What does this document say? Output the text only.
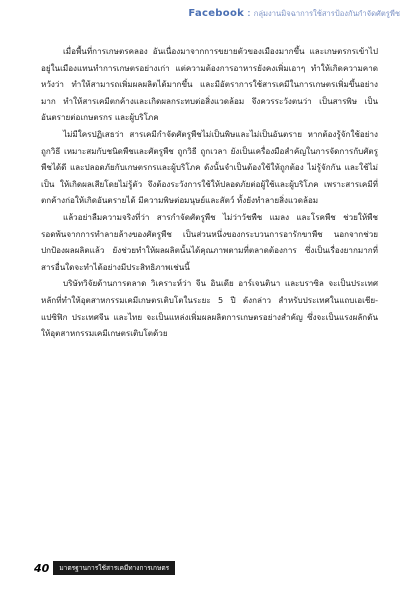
Facebook : กลุ่มงานมิจฉาการใช้สารป้องกันกำจัดศัตรูพืช

เมื่อพื้นที่การเกษตรคลอง อันเนื่องมาจากการขยายตัวของเมืองมากขึ้น และเกษตรกรเข้าไปอยู่ในเมืองแทนทำการเกษตรอย่างเก่า แต่ความต้องการอาหารยังคงเพิ่มเอาๆ ทำให้เกิดความคาดหวังว่า ทำให้สามารถเพิ่มผลผลิตได้มากขึ้น และมีอัตราการใช้สารเคมีในการเกษตรเพิ่มขึ้นอย่างมาก ทำให้สารเคมีตกค้างและเกิดผลกระทบต่อสิ่งแวดล้อม จึงควรระวังตนว่า เป็นสารพิษ เป็นอันตรายต่อเกษตรกร และผู้บริโภค

ไม่มีใครปฏิเสธว่า สารเคมีกำจัดศัตรูพืชไม่เป็นพิษและไม่เป็นอันตราย หากต้องรู้จักใช้อย่างถูกวิธี เหมาะสมกับชนิดพืชและศัตรูพืช ถูกวิธี ถูกเวลา ยังเป็นเครื่องมือสำคัญในการจัดการกับศัตรูพืชได้ดี และปลอดภัยกับเกษตรกรและผู้บริโภค ดังนั้นจำเป็นต้องใช้ให้ถูกต้อง ไม่รู้จักกัน และใช้ไม่เป็น ให้เกิดผลเสียโดยไม่รู้ตัว จึงต้องระวังการใช้ให้ปลอดภัยต่อผู้ใช้และผู้บริโภค เพราะสารเคมีที่ตกค้างก่อให้เกิดอันตรายได้ มีความพิษต่อมนุษย์และสัตว์ ทั้งยังทำลายสิ่งแวดล้อม

แล้วอย่าลืมความจริงที่ว่า สารกำจัดศัตรูพืช ไม่ว่าวัชพืช แมลง และโรคพืช ช่วยให้พืชรอดพ้นจากการทำลายล้างของศัตรูพืช เป็นส่วนหนึ่งของกระบวนการอารักขาพืช นอกจากช่วยปกป้องผลผลิตแล้ว ยังช่วยทำให้ผลผลิตนั้นได้คุณภาพตามที่ตลาดต้องการ ซึ่งเป็นเรื่องยากมากที่สารอื่นใดจะทำได้อย่างมีประสิทธิภาพเช่นนี้

บริษัทวิจัยด้านการตลาด วิเคราะห์ว่า จีน อินเดีย อาร์เจนตินา และบราซิล จะเป็นประเทศหลักที่ทำให้อุตสาหกรรมเคมีเกษตรเติบโตในระยะ 5 ปี ดังกล่าว สำหรับประเทศในแถบเอเชีย-แปซิฟิก ประเทศจีน และไทย จะเป็นแหล่งเพิ่มผลผลิตการเกษตรอย่างสำคัญ ซึ่งจะเป็นแรงผลักดันให้อุตสาหกรรมเคมีเกษตรเติบโตด้วย

40	มาตรฐานการใช้สารเคมีทางการเกษตร
